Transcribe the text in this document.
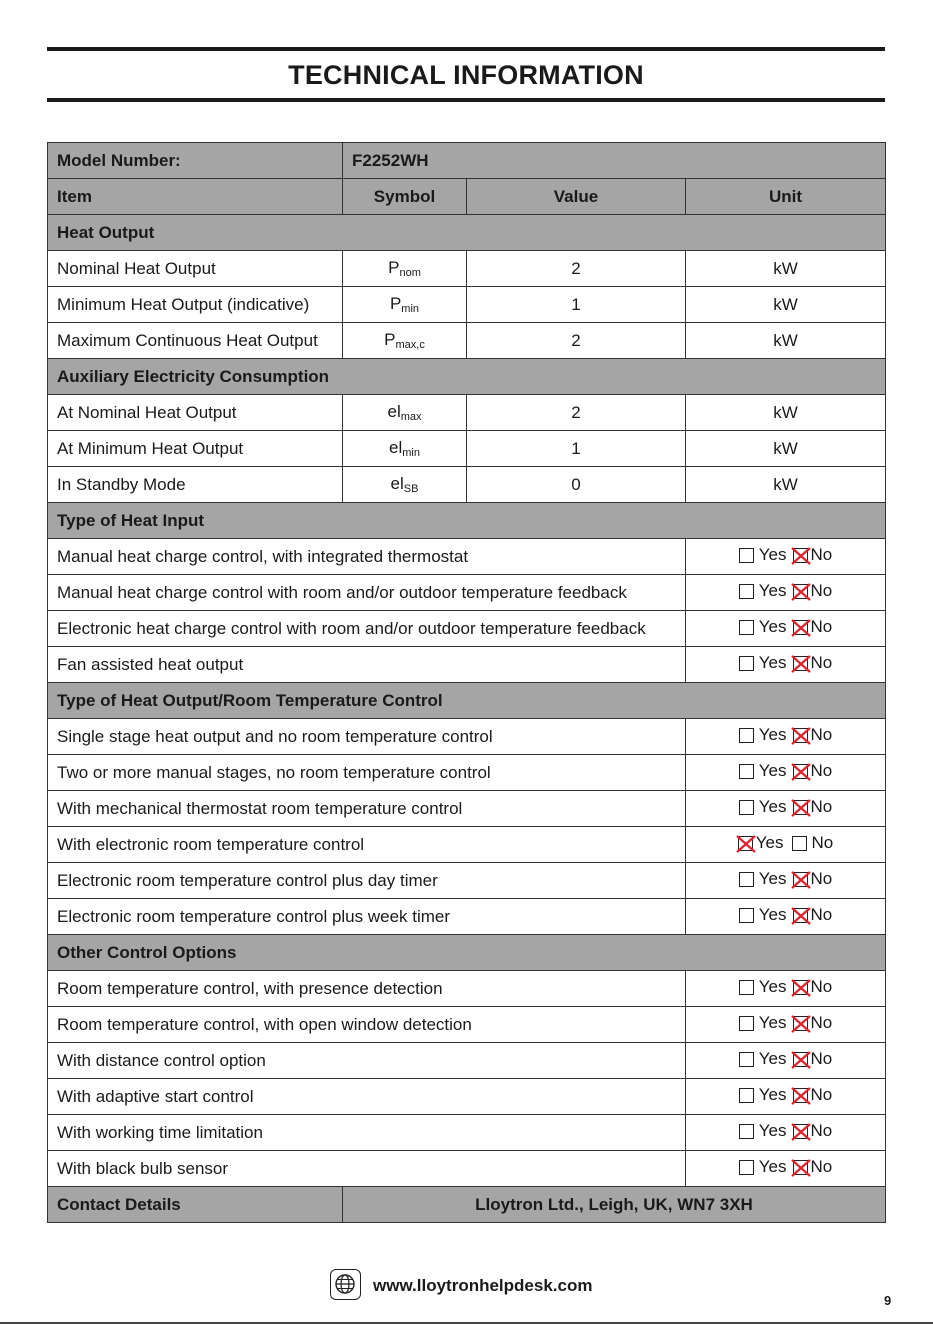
TECHNICAL INFORMATION
Model Number:	F2252WH		
Item	Symbol	Value	Unit
Heat Output			
Nominal Heat Output	$P_{nom}$	2	kW
Minimum Heat Output (indicative)	$P_{min}$	1	kW
Maximum Continuous Heat Output	$P_{max,c}$	2	kW
Auxiliary Electricity Consumption			
At Nominal Heat Output	$el_{max}$	2	kW
At Minimum Heat Output	$el_{min}$	1	kW
In Standby Mode	$el_{SB}$	0	kW
Type of Heat Input			
Manual heat charge control, with integrated thermostat			Yes No

Manual heat charge control with room and/or outdoor temperature feedback			Yes No

Electronic heat charge control with room and/or outdoor temperature feedback			Yes No

Fan assisted heat output			Yes No

Type of Heat Output/Room Temperature Control			
Single stage heat output and no room temperature control			Yes No

Two or more manual stages, no room temperature control			Yes No

With mechanical thermostat room temperature control			Yes No

With electronic room temperature control			Yes No

Electronic room temperature control plus day timer			Yes No

Electronic room temperature control plus week timer			Yes No

Other Control Options			
Room temperature control, with presence detection			Yes No

Room temperature control, with open window detection			Yes No

With distance control option			Yes No

With adaptive start control			Yes No

With working time limitation			Yes No

With black bulb sensor			Yes No

Contact Details	Lloytron Ltd., Leigh, UK, WN7 3XH		
www.lloytronhelpdesk.com
9
